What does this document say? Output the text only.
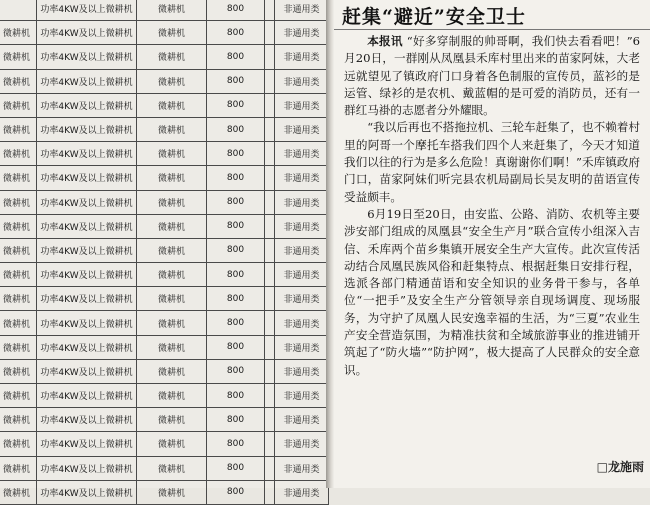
	功率4KW及以上微耕机	微耕机	800		非通用类
微耕机	功率4KW及以上微耕机	微耕机	800		非通用类
微耕机	功率4KW及以上微耕机	微耕机	800		非通用类
微耕机	功率4KW及以上微耕机	微耕机	800		非通用类
微耕机	功率4KW及以上微耕机	微耕机	800		非通用类
微耕机	功率4KW及以上微耕机	微耕机	800		非通用类
微耕机	功率4KW及以上微耕机	微耕机	800		非通用类
微耕机	功率4KW及以上微耕机	微耕机	800		非通用类
微耕机	功率4KW及以上微耕机	微耕机	800		非通用类
微耕机	功率4KW及以上微耕机	微耕机	800		非通用类
微耕机	功率4KW及以上微耕机	微耕机	800		非通用类
微耕机	功率4KW及以上微耕机	微耕机	800		非通用类
微耕机	功率4KW及以上微耕机	微耕机	800		非通用类
微耕机	功率4KW及以上微耕机	微耕机	800		非通用类
微耕机	功率4KW及以上微耕机	微耕机	800		非通用类
微耕机	功率4KW及以上微耕机	微耕机	800		非通用类
微耕机	功率4KW及以上微耕机	微耕机	800		非通用类
微耕机	功率4KW及以上微耕机	微耕机	800		非通用类
微耕机	功率4KW及以上微耕机	微耕机	800		非通用类
微耕机	功率4KW及以上微耕机	微耕机	800		非通用类
微耕机	功率4KW及以上微耕机	微耕机	800		非通用类
赶集“避近”安全卫士

本报讯 “好多穿制服的帅哥啊，我们快去看看吧！”6月20日，一群刚从凤凰县禾库村里出来的苗家阿妹，大老远就望见了镇政府门口身着各色制服的宣传员，蓝衫的是运管、绿衫的是农机、戴蓝帽的是可爱的消防员，还有一群红马褂的志愿者分外耀眼。

“我以后再也不搭拖拉机、三轮车赶集了，也不赖着村里的阿哥一个摩托车搭我们四个人来赶集了，今天才知道我们以往的行为是多么危险！真谢谢你们啊！”禾库镇政府门口，苗家阿妹们听完县农机局副局长吴友明的苗语宣传受益颇丰。

6月19日至20日，由安监、公路、消防、农机等主要涉安部门组成的凤凰县“安全生产月”联合宣传小组深入吉信、禾库两个苗乡集镇开展安全生产大宣传。此次宣传活动结合凤凰民族风俗和赶集特点、根据赶集日安排行程，选派各部门精通苗语和安全知识的业务骨干参与，各单位“一把手”及安全生产分管领导亲自现场调度、现场服务，为守护了凤凰人民安逸幸福的生活，为“三夏”农业生产安全营造氛围，为精准扶贫和全域旅游事业的推进铺开筑起了“防火墙”“防护网”，极大提高了人民群众的安全意识。

□龙施雨
